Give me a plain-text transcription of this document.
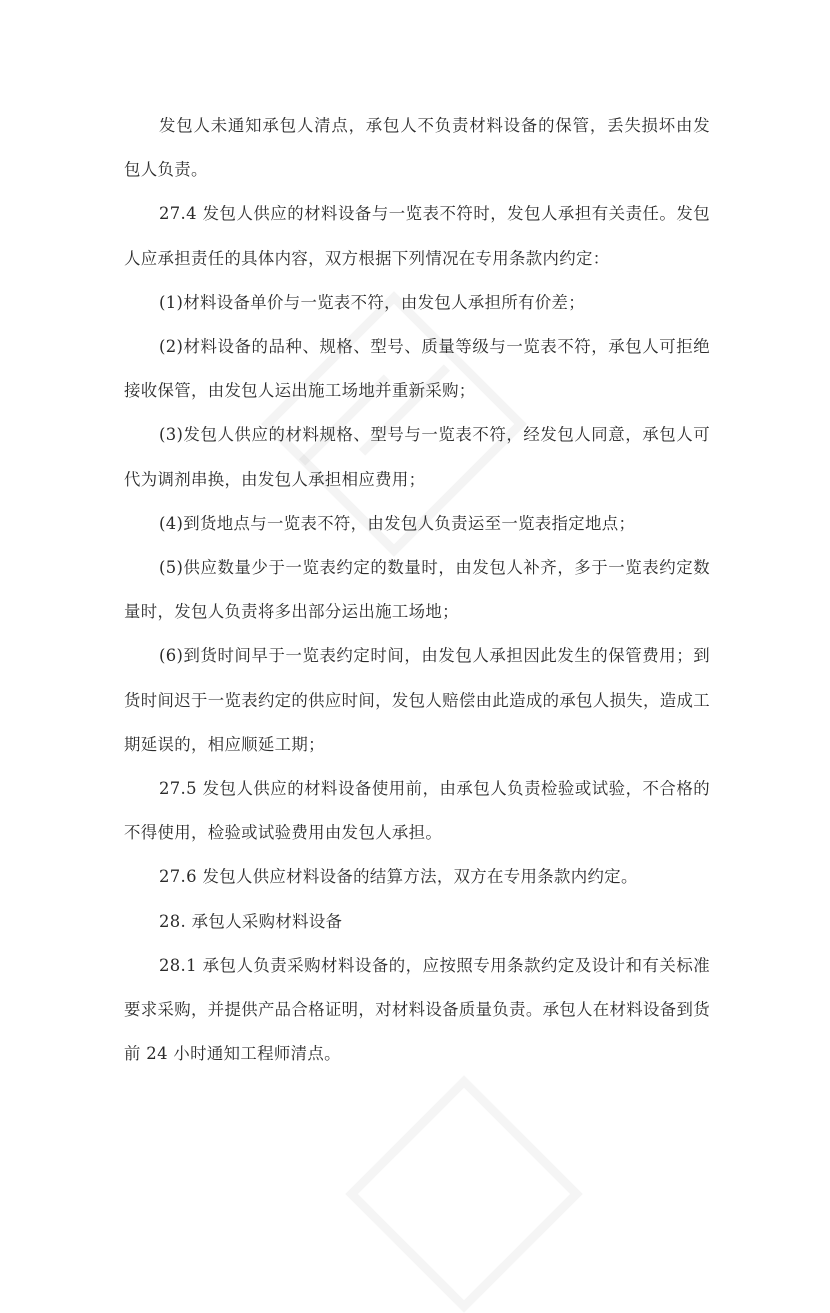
发包人未通知承包人清点，承包人不负责材料设备的保管，丢失损坏由发包人负责。

27.4 发包人供应的材料设备与一览表不符时，发包人承担有关责任。发包人应承担责任的具体内容，双方根据下列情况在专用条款内约定：

(1)材料设备单价与一览表不符，由发包人承担所有价差；

(2)材料设备的品种、规格、型号、质量等级与一览表不符，承包人可拒绝接收保管，由发包人运出施工场地并重新采购；

(3)发包人供应的材料规格、型号与一览表不符，经发包人同意，承包人可代为调剂串换，由发包人承担相应费用；

(4)到货地点与一览表不符，由发包人负责运至一览表指定地点；

(5)供应数量少于一览表约定的数量时，由发包人补齐，多于一览表约定数量时，发包人负责将多出部分运出施工场地；

(6)到货时间早于一览表约定时间，由发包人承担因此发生的保管费用；到货时间迟于一览表约定的供应时间，发包人赔偿由此造成的承包人损失，造成工期延误的，相应顺延工期；

27.5 发包人供应的材料设备使用前，由承包人负责检验或试验，不合格的不得使用，检验或试验费用由发包人承担。

27.6 发包人供应材料设备的结算方法，双方在专用条款内约定。

28. 承包人采购材料设备

28.1 承包人负责采购材料设备的，应按照专用条款约定及设计和有关标准要求采购，并提供产品合格证明，对材料设备质量负责。承包人在材料设备到货前 24 小时通知工程师清点。
